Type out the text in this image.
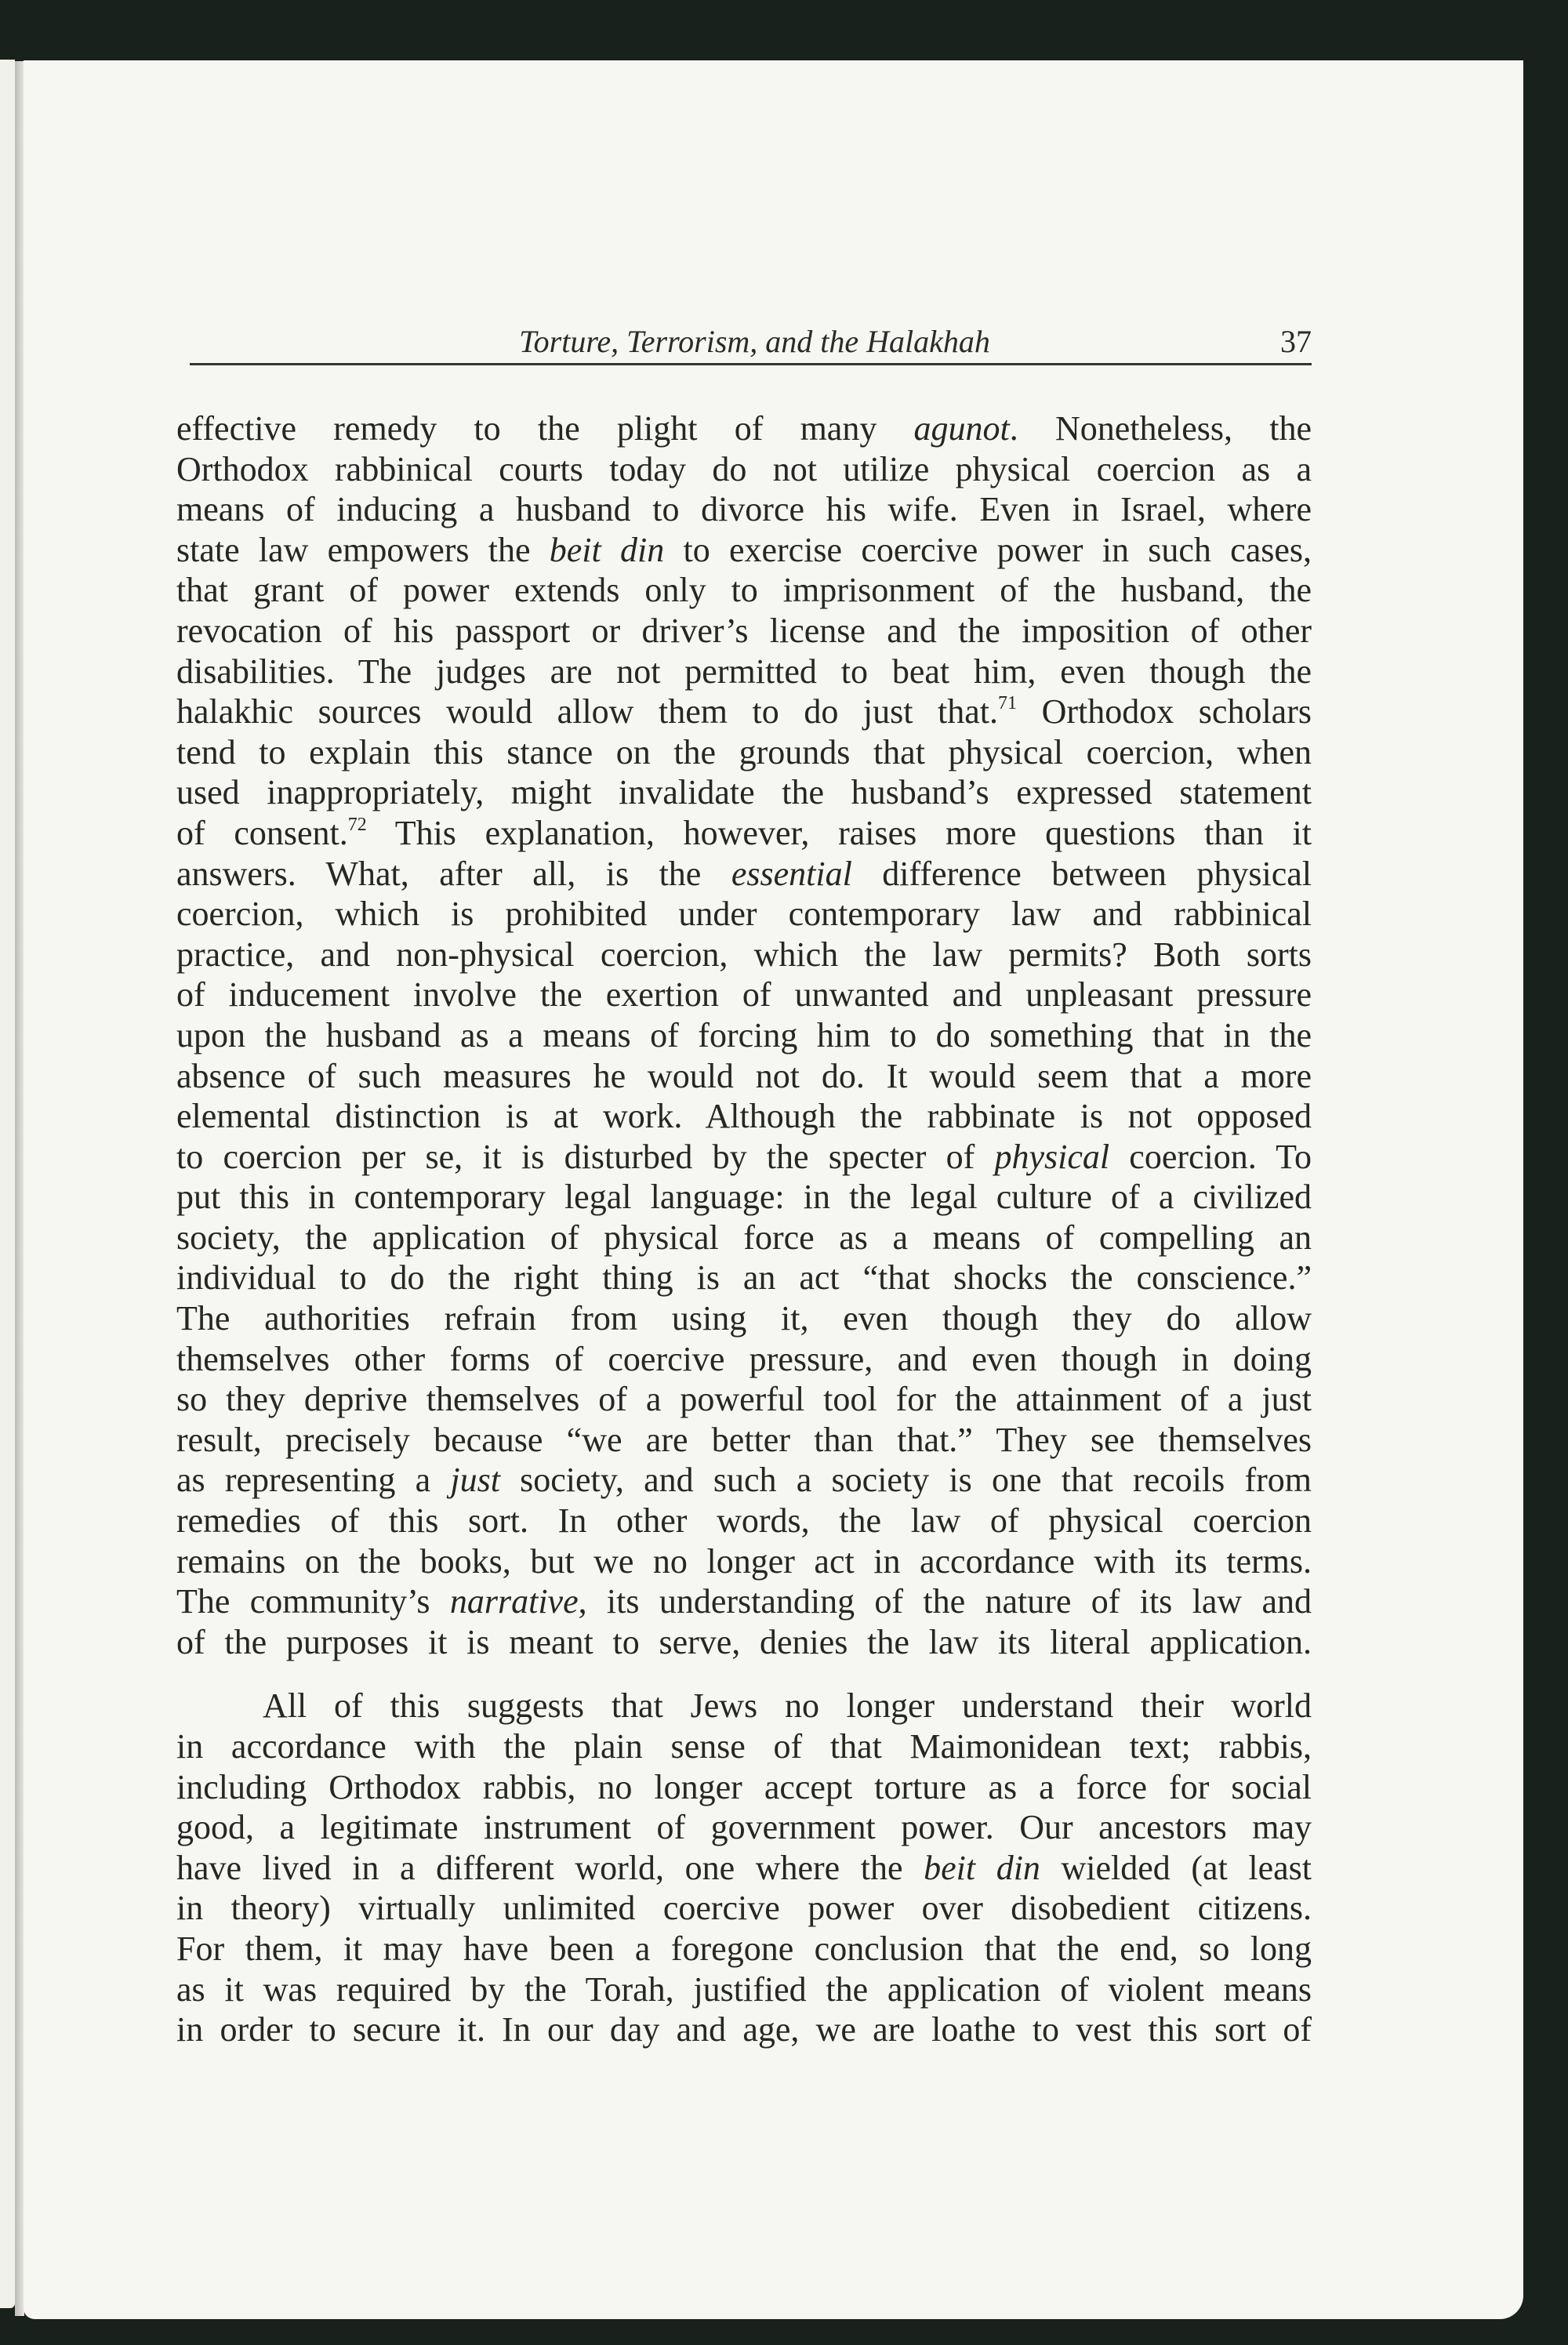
Torture, Terrorism, and the Halakhah	37
effective remedy to the plight of many agunot. Nonetheless, the
Orthodox rabbinical courts today do not utilize physical coercion as a
means of inducing a husband to divorce his wife. Even in Israel, where
state law empowers the beit din to exercise coercive power in such cases,
that grant of power extends only to imprisonment of the husband, the
revocation of his passport or driver’s license and the imposition of other
disabilities. The judges are not permitted to beat him, even though the
halakhic sources would allow them to do just that.$^{71}$ Orthodox scholars
tend to explain this stance on the grounds that physical coercion, when
used inappropriately, might invalidate the husband’s expressed statement
of consent.$^{72}$ This explanation, however, raises more questions than it
answers. What, after all, is the essential difference between physical
coercion, which is prohibited under contemporary law and rabbinical
practice, and non-physical coercion, which the law permits? Both sorts
of inducement involve the exertion of unwanted and unpleasant pressure
upon the husband as a means of forcing him to do something that in the
absence of such measures he would not do. It would seem that a more
elemental distinction is at work. Although the rabbinate is not opposed
to coercion per se, it is disturbed by the specter of physical coercion. To
put this in contemporary legal language: in the legal culture of a civilized
society, the application of physical force as a means of compelling an
individual to do the right thing is an act “that shocks the conscience.”
The authorities refrain from using it, even though they do allow
themselves other forms of coercive pressure, and even though in doing
so they deprive themselves of a powerful tool for the attainment of a just
result, precisely because “we are better than that.” They see themselves
as representing a just society, and such a society is one that recoils from
remedies of this sort. In other words, the law of physical coercion
remains on the books, but we no longer act in accordance with its terms.
The community’s narrative, its understanding of the nature of its law and
of the purposes it is meant to serve, denies the law its literal application.
All of this suggests that Jews no longer understand their world
in accordance with the plain sense of that Maimonidean text; rabbis,
including Orthodox rabbis, no longer accept torture as a force for social
good, a legitimate instrument of government power. Our ancestors may
have lived in a different world, one where the beit din wielded (at least
in theory) virtually unlimited coercive power over disobedient citizens.
For them, it may have been a foregone conclusion that the end, so long
as it was required by the Torah, justified the application of violent means
in order to secure it. In our day and age, we are loathe to vest this sort of
